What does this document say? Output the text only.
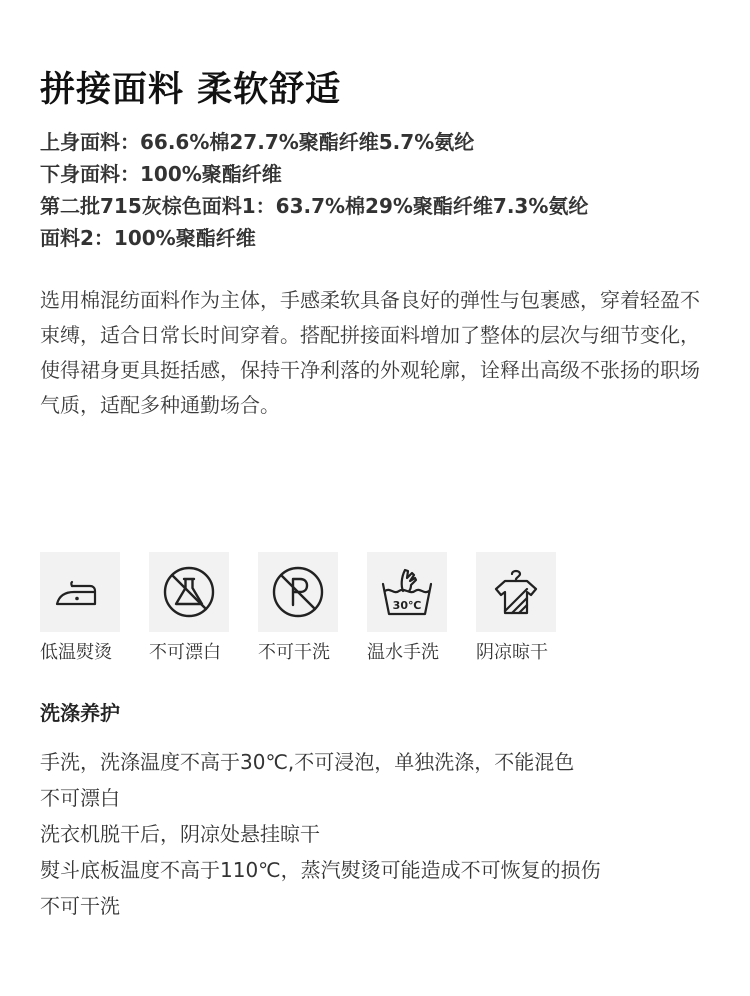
拼接面料 柔软舒适
上身面料：66.6%棉27.7%聚酯纤维5.7%氨纶
下身面料：100%聚酯纤维
第二批715灰棕色面料1：63.7%棉29%聚酯纤维7.3%氨纶
面料2：100%聚酯纤维
选用棉混纺面料作为主体，手感柔软具备良好的弹性与包裹感，穿着轻盈不束缚，适合日常长时间穿着。搭配拼接面料增加了整体的层次与细节变化，使得裙身更具挺括感，保持干净利落的外观轮廓，诠释出高级不张扬的职场气质，适配多种通勤场合。
低温熨烫	不可漂白	不可干洗
30℃
温水手洗	阴凉晾干
洗涤养护
手洗，洗涤温度不高于30℃,不可浸泡，单独洗涤，不能混色
不可漂白
洗衣机脱干后，阴凉处悬挂晾干
熨斗底板温度不高于110℃，蒸汽熨烫可能造成不可恢复的损伤
不可干洗
